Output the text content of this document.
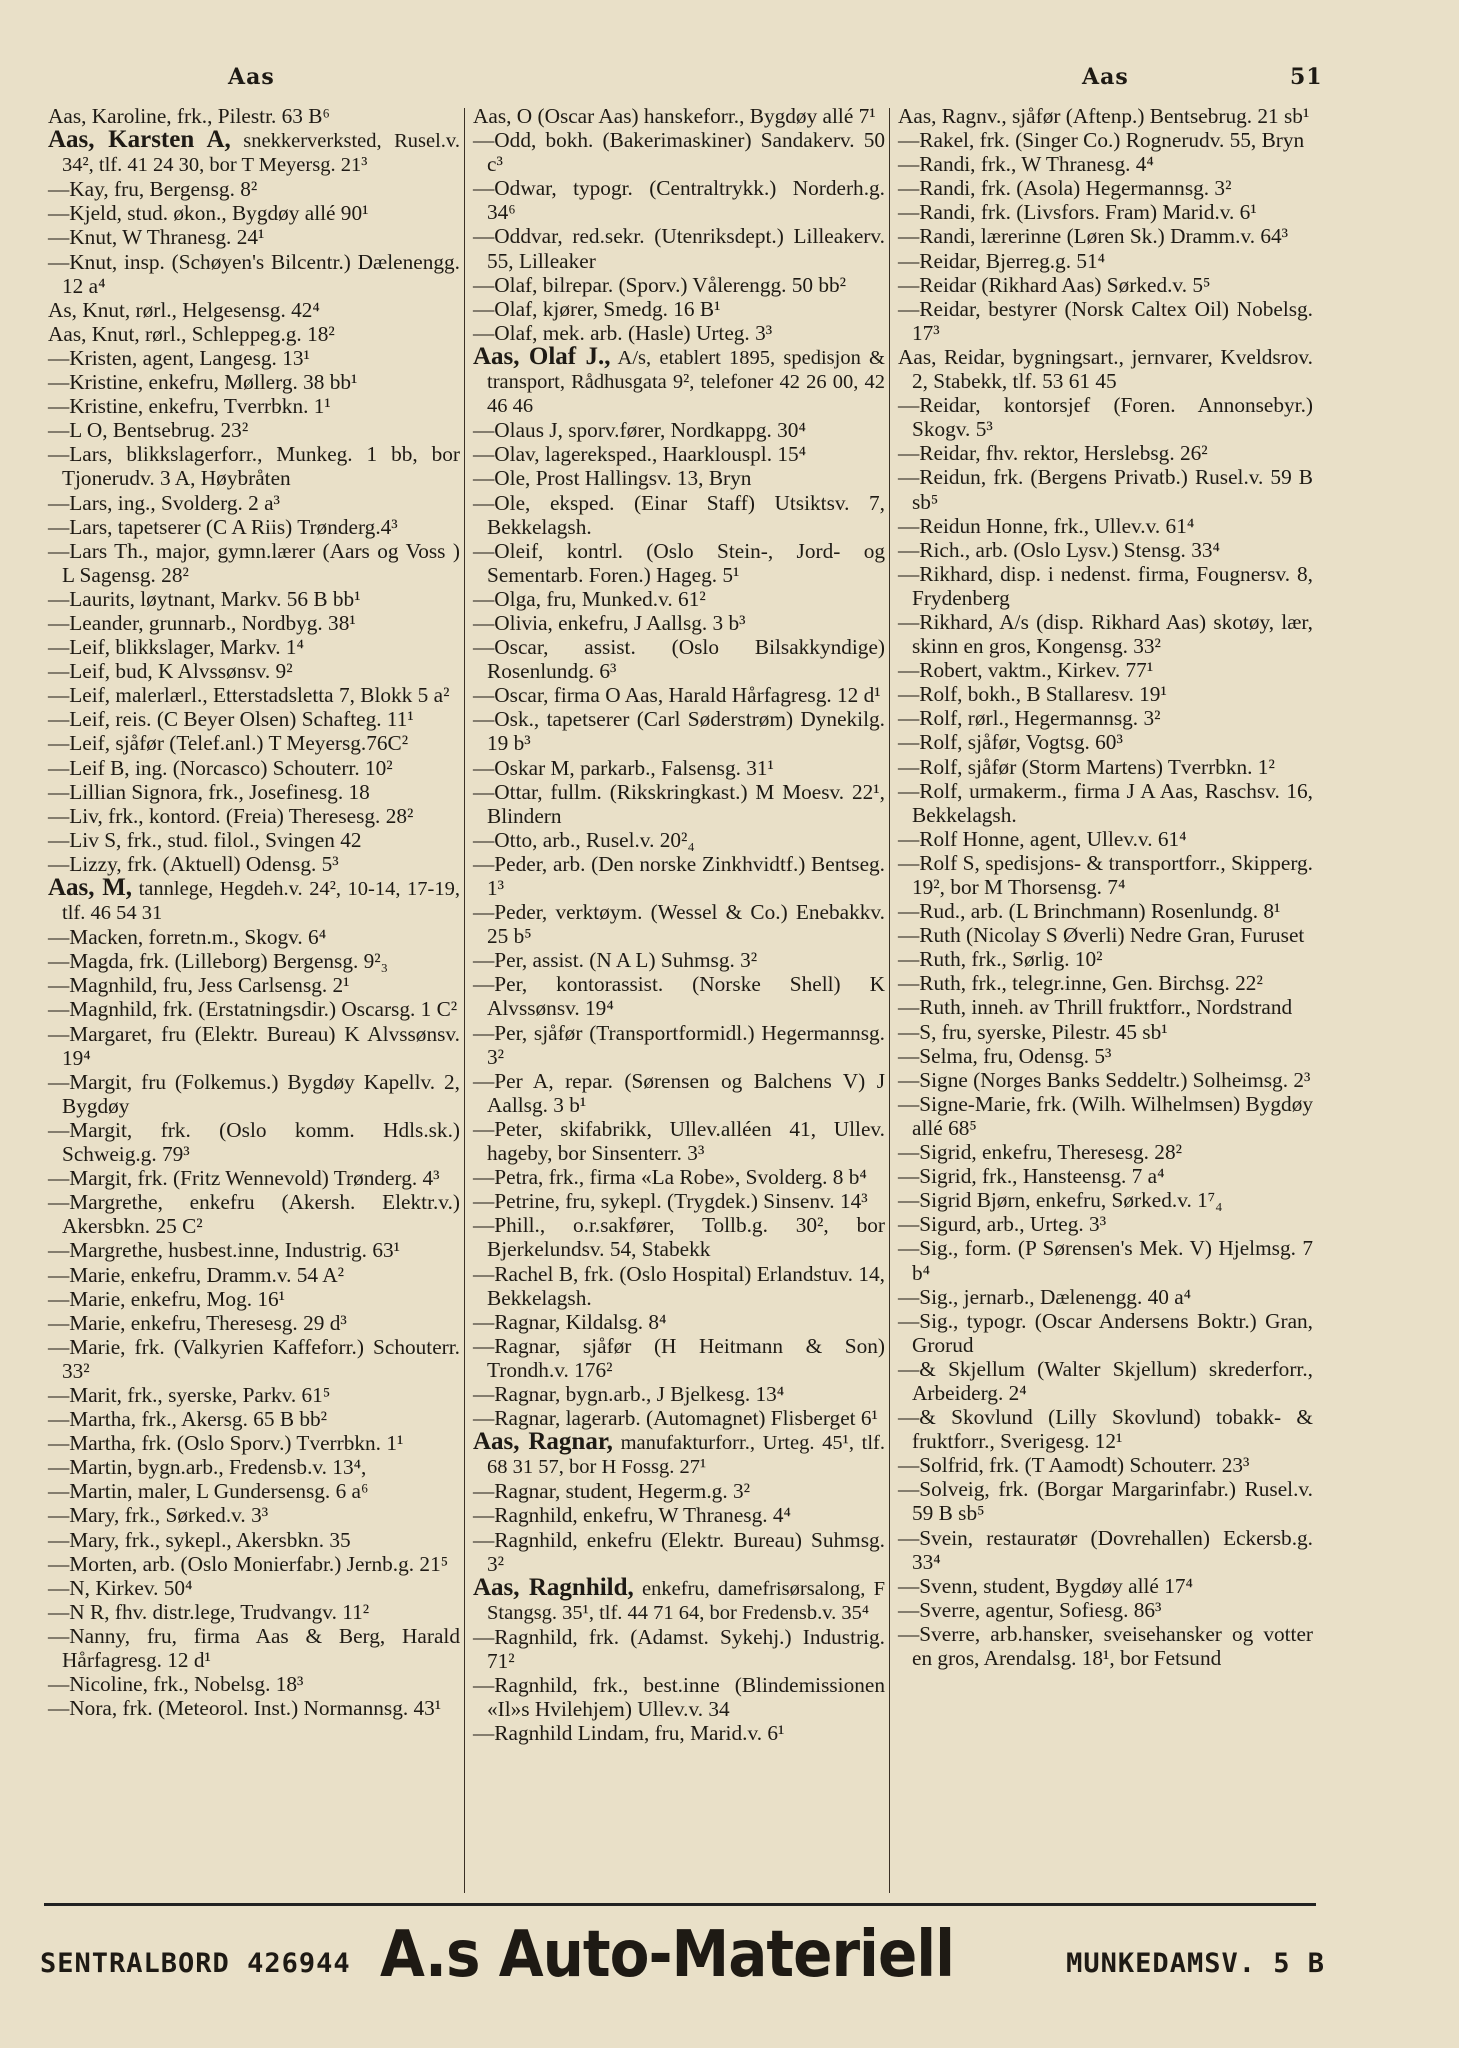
Aas	Aas	51
Aas, Karoline, frk., Pilestr. 63 B⁶
Aas, Karsten A, snekkerverksted, Rusel.v. 34², tlf. 41 24 30, bor T Meyersg. 21³
—Kay, fru, Bergensg. 8²
—Kjeld, stud. økon., Bygdøy allé 90¹
—Knut, W Thranesg. 24¹
—Knut, insp. (Schøyen's Bilcentr.) Dælenengg. 12 a⁴
As, Knut, rørl., Helgesensg. 42⁴
Aas, Knut, rørl., Schleppeg.g. 18²
—Kristen, agent, Langesg. 13¹
—Kristine, enkefru, Møllerg. 38 bb¹
—Kristine, enkefru, Tverrbkn. 1¹
—L O, Bentsebrug. 23²
—Lars, blikkslagerforr., Munkeg. 1 bb, bor Tjonerudv. 3 A, Høybråten
—Lars, ing., Svolderg. 2 a³
—Lars, tapetserer (C A Riis) Trønderg.4³
—Lars Th., major, gymn.lærer (Aars og Voss ) L Sagensg. 28²
—Laurits, løytnant, Markv. 56 B bb¹
—Leander, grunnarb., Nordbyg. 38¹
—Leif, blikkslager, Markv. 1⁴
—Leif, bud, K Alvssønsv. 9²
—Leif, malerlærl., Etterstadsletta 7, Blokk 5 a²
—Leif, reis. (C Beyer Olsen) Schafteg. 11¹
—Leif, sjåfør (Telef.anl.) T Meyersg.76C²
—Leif B, ing. (Norcasco) Schouterr. 10²
—Lillian Signora, frk., Josefinesg. 18
—Liv, frk., kontord. (Freia) Theresesg. 28²
—Liv S, frk., stud. filol., Svingen 42
—Lizzy, frk. (Aktuell) Odensg. 5³
Aas, M, tannlege, Hegdeh.v. 24², 10-14, 17-19, tlf. 46 54 31
—Macken, forretn.m., Skogv. 6⁴
—Magda, frk. (Lilleborg) Bergensg. 9²₃
—Magnhild, fru, Jess Carlsensg. 2¹
—Magnhild, frk. (Erstatningsdir.) Oscarsg. 1 C²
—Margaret, fru (Elektr. Bureau) K Alvssønsv. 19⁴
—Margit, fru (Folkemus.) Bygdøy Kapellv. 2, Bygdøy
—Margit, frk. (Oslo komm. Hdls.sk.) Schweig.g. 79³
—Margit, frk. (Fritz Wennevold) Trønderg. 4³
—Margrethe, enkefru (Akersh. Elektr.v.) Akersbkn. 25 C²
—Margrethe, husbest.inne, Industrig. 63¹
—Marie, enkefru, Dramm.v. 54 A²
—Marie, enkefru, Mog. 16¹
—Marie, enkefru, Theresesg. 29 d³
—Marie, frk. (Valkyrien Kaffeforr.) Schouterr. 33²
—Marit, frk., syerske, Parkv. 61⁵
—Martha, frk., Akersg. 65 B bb²
—Martha, frk. (Oslo Sporv.) Tverrbkn. 1¹
—Martin, bygn.arb., Fredensb.v. 13⁴,
—Martin, maler, L Gundersensg. 6 a⁶
—Mary, frk., Sørked.v. 3³
—Mary, frk., sykepl., Akersbkn. 35
—Morten, arb. (Oslo Monierfabr.) Jernb.g. 21⁵
—N, Kirkev. 50⁴
—N R, fhv. distr.lege, Trudvangv. 11²
—Nanny, fru, firma Aas & Berg, Harald Hårfagresg. 12 d¹
—Nicoline, frk., Nobelsg. 18³
—Nora, frk. (Meteorol. Inst.) Normannsg. 43¹
Aas, O (Oscar Aas) hanskeforr., Bygdøy allé 7¹
—Odd, bokh. (Bakerimaskiner) Sandakerv. 50 c³
—Odwar, typogr. (Centraltrykk.) Norderh.g. 34⁶
—Oddvar, red.sekr. (Utenriksdept.) Lilleakerv. 55, Lilleaker
—Olaf, bilrepar. (Sporv.) Vålerengg. 50 bb²
—Olaf, kjører, Smedg. 16 B¹
—Olaf, mek. arb. (Hasle) Urteg. 3³
Aas, Olaf J., A/s, etablert 1895, spedisjon & transport, Rådhusgata 9², telefoner 42 26 00, 42 46 46
—Olaus J, sporv.fører, Nordkappg. 30⁴
—Olav, lagereksped., Haarklouspl. 15⁴
—Ole, Prost Hallingsv. 13, Bryn
—Ole, eksped. (Einar Staff) Utsiktsv. 7, Bekkelagsh.
—Oleif, kontrl. (Oslo Stein-, Jord- og Sementarb. Foren.) Hageg. 5¹
—Olga, fru, Munked.v. 61²
—Olivia, enkefru, J Aallsg. 3 b³
—Oscar, assist. (Oslo Bilsakkyndige) Rosenlundg. 6³
—Oscar, firma O Aas, Harald Hårfagresg. 12 d¹
—Osk., tapetserer (Carl Søderstrøm) Dynekilg. 19 b³
—Oskar M, parkarb., Falsensg. 31¹
—Ottar, fullm. (Rikskringkast.) M Moesv. 22¹, Blindern
—Otto, arb., Rusel.v. 20²₄
—Peder, arb. (Den norske Zinkhvidtf.) Bentseg. 1³
—Peder, verktøym. (Wessel & Co.) Enebakkv. 25 b⁵
—Per, assist. (N A L) Suhmsg. 3²
—Per, kontorassist. (Norske Shell) K Alvssønsv. 19⁴
—Per, sjåfør (Transportformidl.) Hegermannsg. 3²
—Per A, repar. (Sørensen og Balchens V) J Aallsg. 3 b¹
—Peter, skifabrikk, Ullev.alléen 41, Ullev. hageby, bor Sinsenterr. 3³
—Petra, frk., firma «La Robe», Svolderg. 8 b⁴
—Petrine, fru, sykepl. (Trygdek.) Sinsenv. 14³
—Phill., o.r.sakfører, Tollb.g. 30², bor Bjerkelundsv. 54, Stabekk
—Rachel B, frk. (Oslo Hospital) Erlandstuv. 14, Bekkelagsh.
—Ragnar, Kildalsg. 8⁴
—Ragnar, sjåfør (H Heitmann & Son) Trondh.v. 176²
—Ragnar, bygn.arb., J Bjelkesg. 13⁴
—Ragnar, lagerarb. (Automagnet) Flisberget 6¹
Aas, Ragnar, manufakturforr., Urteg. 45¹, tlf. 68 31 57, bor H Fossg. 27¹
—Ragnar, student, Hegerm.g. 3²
—Ragnhild, enkefru, W Thranesg. 4⁴
—Ragnhild, enkefru (Elektr. Bureau) Suhmsg. 3²
Aas, Ragnhild, enkefru, damefrisørsalong, F Stangsg. 35¹, tlf. 44 71 64, bor Fredensb.v. 35⁴
—Ragnhild, frk. (Adamst. Sykehj.) Industrig. 71²
—Ragnhild, frk., best.inne (Blindemissionen «Il»s Hvilehjem) Ullev.v. 34
—Ragnhild Lindam, fru, Marid.v. 6¹
Aas, Ragnv., sjåfør (Aftenp.) Bentsebrug. 21 sb¹
—Rakel, frk. (Singer Co.) Rognerudv. 55, Bryn
—Randi, frk., W Thranesg. 4⁴
—Randi, frk. (Asola) Hegermannsg. 3²
—Randi, frk. (Livsfors. Fram) Marid.v. 6¹
—Randi, lærerinne (Løren Sk.) Dramm.v. 64³
—Reidar, Bjerreg.g. 51⁴
—Reidar (Rikhard Aas) Sørked.v. 5⁵
—Reidar, bestyrer (Norsk Caltex Oil) Nobelsg. 17³
Aas, Reidar, bygningsart., jernvarer, Kveldsrov. 2, Stabekk, tlf. 53 61 45
—Reidar, kontorsjef (Foren. Annonsebyr.) Skogv. 5³
—Reidar, fhv. rektor, Herslebsg. 26²
—Reidun, frk. (Bergens Privatb.) Rusel.v. 59 B sb⁵
—Reidun Honne, frk., Ullev.v. 61⁴
—Rich., arb. (Oslo Lysv.) Stensg. 33⁴
—Rikhard, disp. i nedenst. firma, Fougnersv. 8, Frydenberg
—Rikhard, A/s (disp. Rikhard Aas) skotøy, lær, skinn en gros, Kongensg. 33²
—Robert, vaktm., Kirkev. 77¹
—Rolf, bokh., B Stallaresv. 19¹
—Rolf, rørl., Hegermannsg. 3²
—Rolf, sjåfør, Vogtsg. 60³
—Rolf, sjåfør (Storm Martens) Tverrbkn. 1²
—Rolf, urmakerm., firma J A Aas, Raschsv. 16, Bekkelagsh.
—Rolf Honne, agent, Ullev.v. 61⁴
—Rolf S, spedisjons- & transportforr., Skipperg. 19², bor M Thorsensg. 7⁴
—Rud., arb. (L Brinchmann) Rosenlundg. 8¹
—Ruth (Nicolay S Øverli) Nedre Gran, Furuset
—Ruth, frk., Sørlig. 10²
—Ruth, frk., telegr.inne, Gen. Birchsg. 22²
—Ruth, inneh. av Thrill fruktforr., Nordstrand
—S, fru, syerske, Pilestr. 45 sb¹
—Selma, fru, Odensg. 5³
—Signe (Norges Banks Seddeltr.) Solheimsg. 2³
—Signe-Marie, frk. (Wilh. Wilhelmsen) Bygdøy allé 68⁵
—Sigrid, enkefru, Theresesg. 28²
—Sigrid, frk., Hansteensg. 7 a⁴
—Sigrid Bjørn, enkefru, Sørked.v. 1⁷₄
—Sigurd, arb., Urteg. 3³
—Sig., form. (P Sørensen's Mek. V) Hjelmsg. 7 b⁴
—Sig., jernarb., Dælenengg. 40 a⁴
—Sig., typogr. (Oscar Andersens Boktr.) Gran, Grorud
—& Skjellum (Walter Skjellum) skrederforr., Arbeiderg. 2⁴
—& Skovlund (Lilly Skovlund) tobakk- & fruktforr., Sverigesg. 12¹
—Solfrid, frk. (T Aamodt) Schouterr. 23³
—Solveig, frk. (Borgar Margarinfabr.) Rusel.v. 59 B sb⁵
—Svein, restauratør (Dovrehallen) Eckersb.g. 33⁴
—Svenn, student, Bygdøy allé 17⁴
—Sverre, agentur, Sofiesg. 86³
—Sverre, arb.hansker, sveisehansker og votter en gros, Arendalsg. 18¹, bor Fetsund
SENTRALBORD 426944 A.s Auto-Materiell	MUNKEDAMSV. 5 B
